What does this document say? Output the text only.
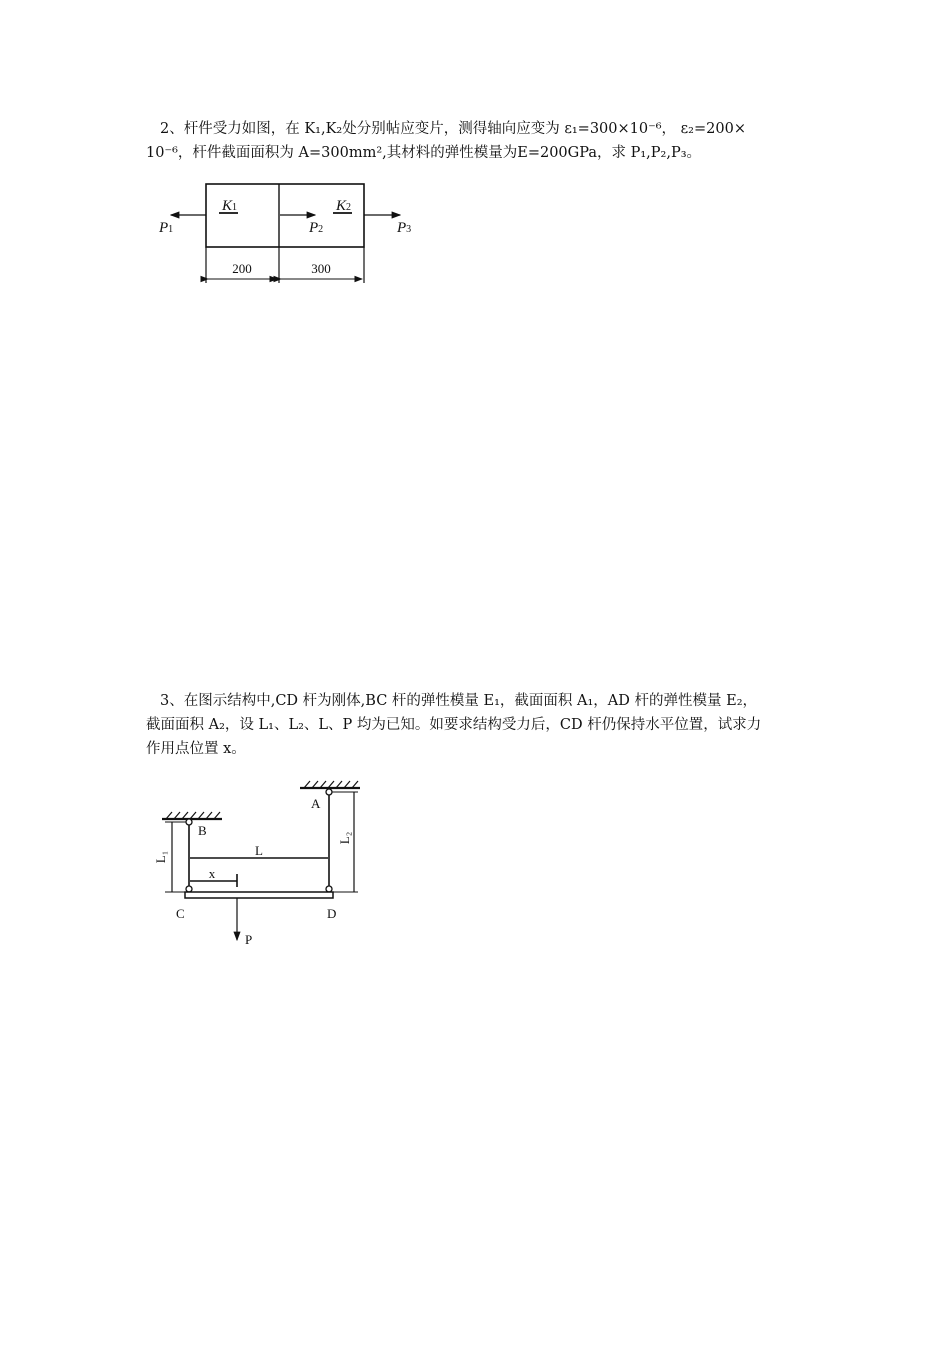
2、杆件受力如图，在 K₁,K₂处分别帖应变片，测得轴向应变为 ε₁=300×10⁻⁶， ε₂=200×
10⁻⁶，杆件截面面积为 A=300mm²,其材料的弹性模量为E=200GPa，求 P₁,P₂,P₃。
K1	K2
P1	P2	P3
200	300
3、在图示结构中,CD 杆为刚体,BC 杆的弹性模量 E₁，截面面积 A₁，AD 杆的弹性模量 E₂，
截面面积 A₂，设 L₁、L₂、L、P 均为已知。如要求结构受力后，CD 杆仍保持水平位置，试求力
作用点位置 x。
L
x
P
L₁
L₂
A
B
C	D
